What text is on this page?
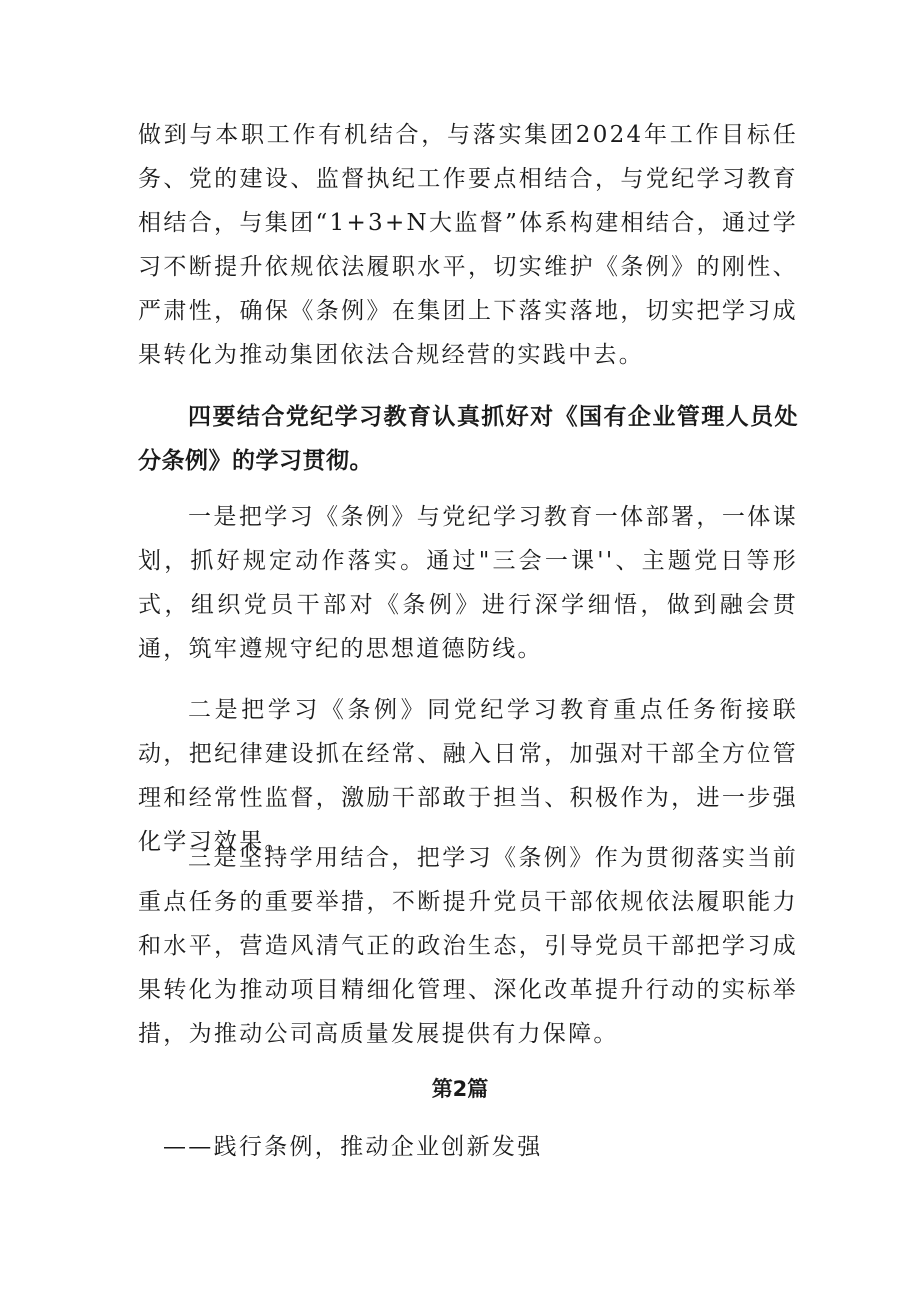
做到与本职工作有机结合，与落实集团2024年工作目标任务、党的建设、监督执纪工作要点相结合，与党纪学习教育相结合，与集团“1+3+N大监督”体系构建相结合，通过学习不断提升依规依法履职水平，切实维护《条例》的刚性、严肃性，确保《条例》在集团上下落实落地，切实把学习成果转化为推动集团依法合规经营的实践中去。

四要结合党纪学习教育认真抓好对《国有企业管理人员处分条例》的学习贯彻。

一是把学习《条例》与党纪学习教育一体部署，一体谋划，抓好规定动作落实。通过"三会一课''、主题党日等形式，组织党员干部对《条例》进行深学细悟，做到融会贯通，筑牢遵规守纪的思想道德防线。

二是把学习《条例》同党纪学习教育重点任务衔接联动，把纪律建设抓在经常、融入日常，加强对干部全方位管理和经常性监督，激励干部敢于担当、积极作为，进一步强化学习效果。

三是坚持学用结合，把学习《条例》作为贯彻落实当前重点任务的重要举措，不断提升党员干部依规依法履职能力和水平，营造风清气正的政治生态，引导党员干部把学习成果转化为推动项目精细化管理、深化改革提升行动的实标举措，为推动公司高质量发展提供有力保障。

第2篇

——践行条例，推动企业创新发强
